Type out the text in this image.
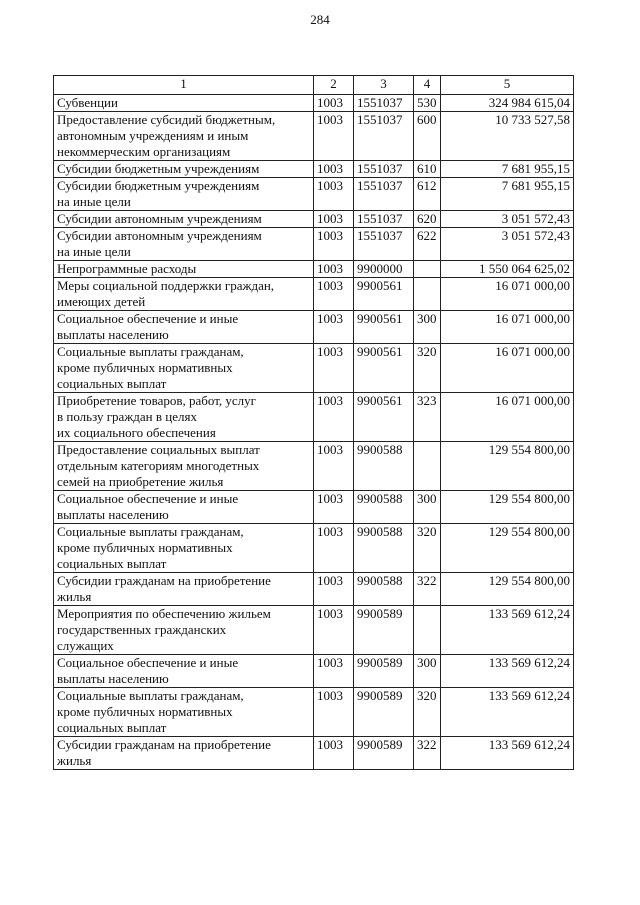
284
1	2	3	4	5
Субвенции	1003	1551037	530	324 984 615,04
Предоставление субсидий бюджетным,
автономным учреждениям и иным
некоммерческим организациям	1003	1551037	600	10 733 527,58
Субсидии бюджетным учреждениям	1003	1551037	610	7 681 955,15
Субсидии бюджетным учреждениям
на иные цели	1003	1551037	612	7 681 955,15
Субсидии автономным учреждениям	1003	1551037	620	3 051 572,43
Субсидии автономным учреждениям
на иные цели	1003	1551037	622	3 051 572,43
Непрограммные расходы	1003	9900000		1 550 064 625,02
Меры социальной поддержки граждан,
имеющих детей	1003	9900561		16 071 000,00
Социальное обеспечение и иные
выплаты населению	1003	9900561	300	16 071 000,00
Социальные выплаты гражданам,
кроме публичных нормативных
социальных выплат	1003	9900561	320	16 071 000,00
Приобретение товаров, работ, услуг
в пользу граждан в целях
их социального обеспечения	1003	9900561	323	16 071 000,00
Предоставление социальных выплат
отдельным категориям многодетных
семей на приобретение жилья	1003	9900588		129 554 800,00
Социальное обеспечение и иные
выплаты населению	1003	9900588	300	129 554 800,00
Социальные выплаты гражданам,
кроме публичных нормативных
социальных выплат	1003	9900588	320	129 554 800,00
Субсидии гражданам на приобретение
жилья	1003	9900588	322	129 554 800,00
Мероприятия по обеспечению жильем
государственных гражданских
служащих	1003	9900589		133 569 612,24
Социальное обеспечение и иные
выплаты населению	1003	9900589	300	133 569 612,24
Социальные выплаты гражданам,
кроме публичных нормативных
социальных выплат	1003	9900589	320	133 569 612,24
Субсидии гражданам на приобретение
жилья	1003	9900589	322	133 569 612,24
